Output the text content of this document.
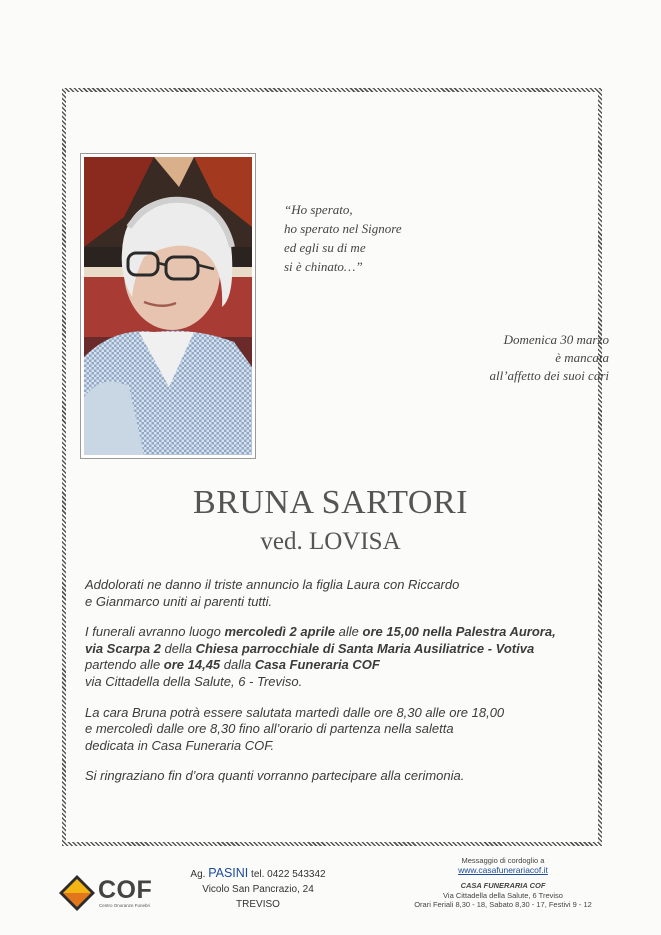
“Ho sperato,
ho sperato nel Signore
ed egli su di me
si è chinato…”
Domenica 30 marzo
è mancata
all’affetto dei suoi cari
BRUNA SARTORI
ved. LOVISA
Addolorati ne danno il triste annuncio la figlia Laura con Riccardo
e Gianmarco uniti ai parenti tutti.
I funerali avranno luogo mercoledì 2 aprile alle ore 15,00 nella Palestra Aurora,
via Scarpa 2 della Chiesa parrocchiale di Santa Maria Ausiliatrice - Votiva
partendo alle ore 14,45 dalla Casa Funeraria COF
via Cittadella della Salute, 6 - Treviso.
La cara Bruna potrà essere salutata martedì dalle ore 8,30 alle ore 18,00
e mercoledì dalle ore 8,30 fino all’orario di partenza nella saletta
dedicata in Casa Funeraria COF.
Si ringraziano fin d’ora quanti vorranno partecipare alla cerimonia.
COF
Centro Onoranze Funebri
Ag. PASINI tel. 0422 543342
Vicolo San Pancrazio, 24
TREVISO
Messaggio di cordoglio a
www.casafunerariacof.it
CASA FUNERARIA COF
Via Cittadella della Salute, 6 Treviso
Orari Feriali 8,30 - 18, Sabato 8,30 - 17, Festivi 9 - 12
